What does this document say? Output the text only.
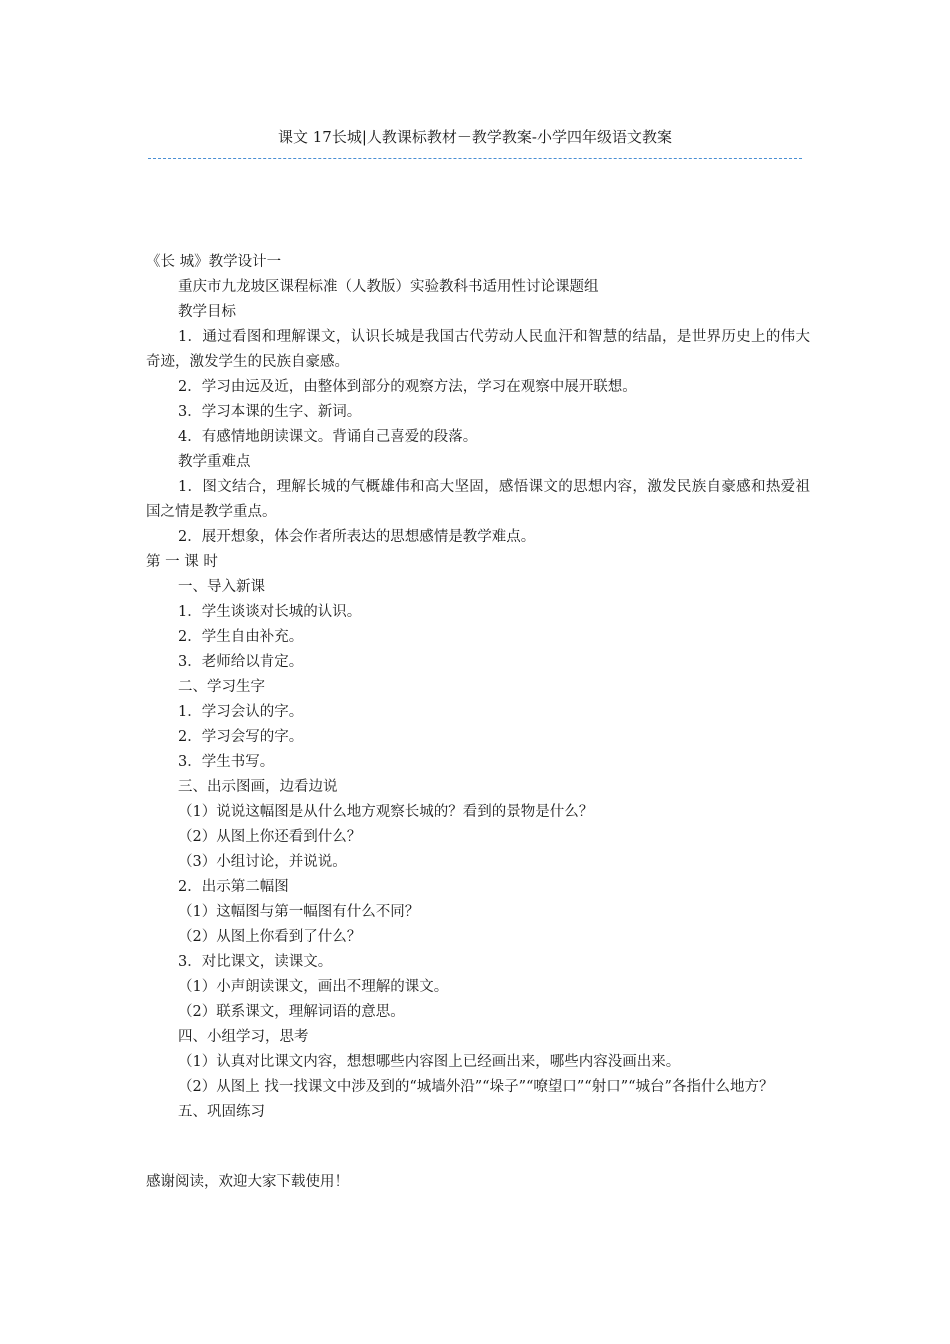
课文 17长城|人教课标教材－教学教案-小学四年级语文教案
《长 城》教学设计一
重庆市九龙坡区课程标准（人教版）实验教科书适用性讨论课题组
教学目标
1．通过看图和理解课文，认识长城是我国古代劳动人民血汗和智慧的结晶，是世界历史上的伟大奇迹，激发学生的民族自豪感。
2．学习由远及近，由整体到部分的观察方法，学习在观察中展开联想。
3．学习本课的生字、新词。
4．有感情地朗读课文。背诵自己喜爱的段落。
教学重难点
1．图文结合，理解长城的气概雄伟和高大坚固，感悟课文的思想内容，激发民族自豪感和热爱祖国之情是教学重点。
2．展开想象，体会作者所表达的思想感情是教学难点。
第 一 课 时
一、导入新课
1．学生谈谈对长城的认识。
2．学生自由补充。
3．老师给以肯定。
二、学习生字
1．学习会认的字。
2．学习会写的字。
3．学生书写。
三、出示图画，边看边说
（1）说说这幅图是从什么地方观察长城的？看到的景物是什么？
（2）从图上你还看到什么？
（3）小组讨论，并说说。
2．出示第二幅图
（1）这幅图与第一幅图有什么不同？
（2）从图上你看到了什么？
3．对比课文，读课文。
（1）小声朗读课文，画出不理解的课文。
（2）联系课文，理解词语的意思。
四、小组学习，思考
（1）认真对比课文内容，想想哪些内容图上已经画出来，哪些内容没画出来。
（2）从图上 找一找课文中涉及到的“城墙外沿”“垛子”“嘹望口”“射口”“城台”各指什么地方？
五、巩固练习
感谢阅读，欢迎大家下载使用！
